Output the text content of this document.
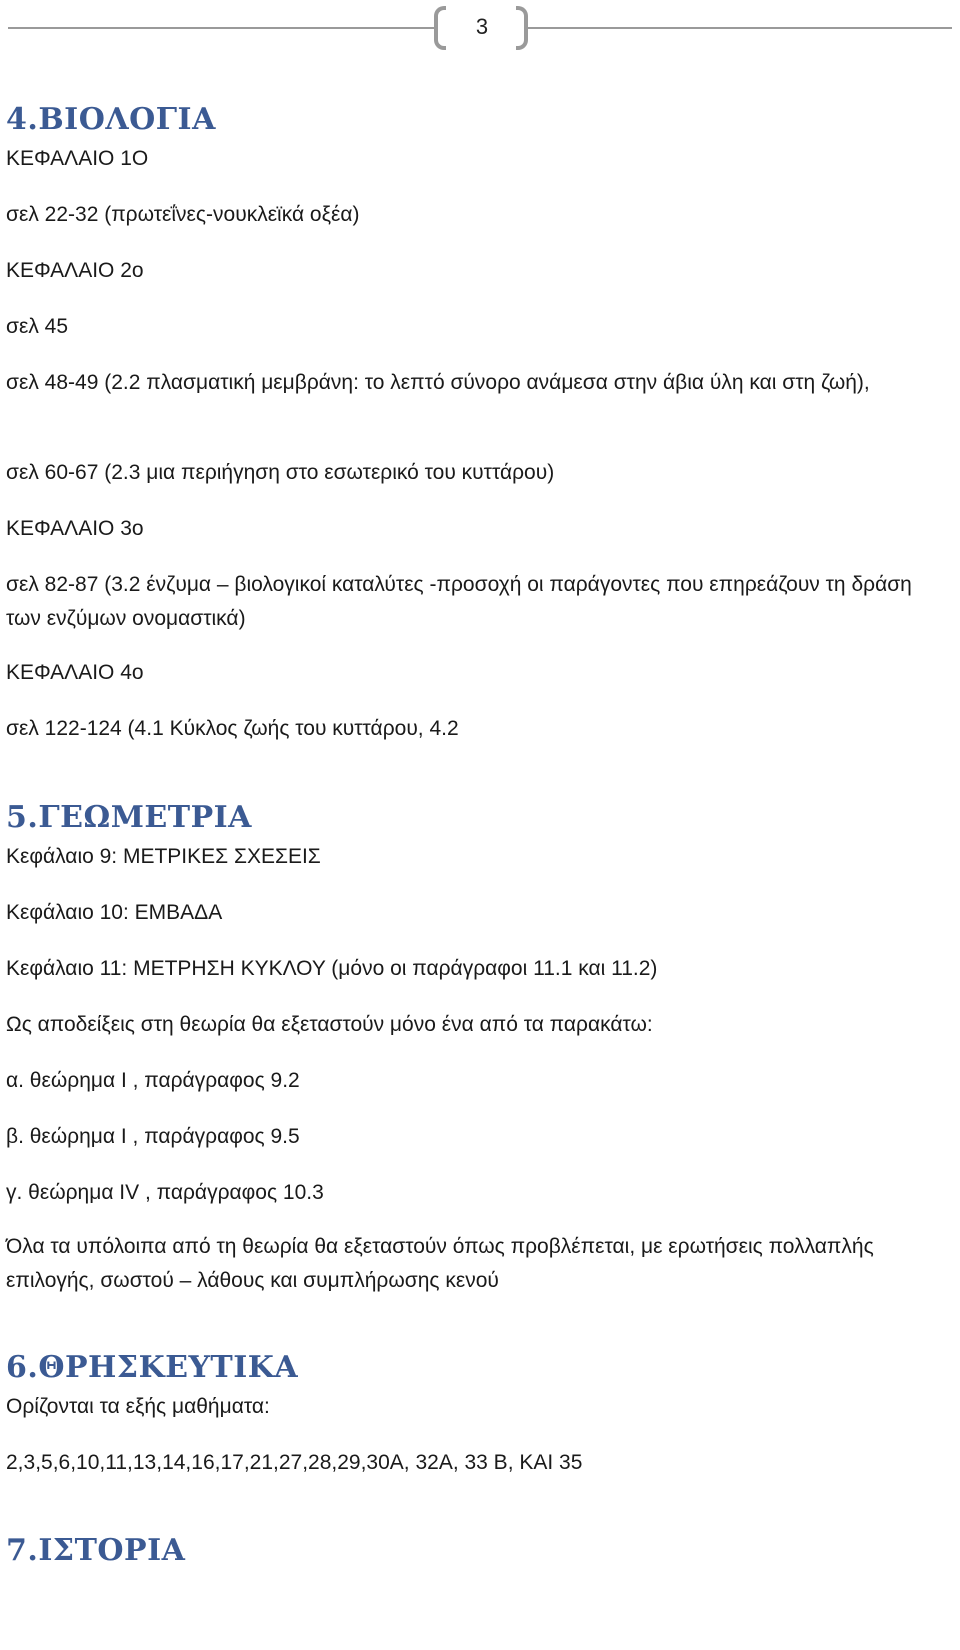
3
4.ΒΙΟΛΟΓΙΑ

ΚΕΦΑΛΑΙΟ 1Ο

σελ 22-32 (πρωτεΐνες-νουκλεϊκά οξέα)

ΚΕΦΑΛΑΙΟ 2ο

σελ 45

σελ 48-49 (2.2 πλασματική μεμβράνη: το λεπτό σύνορο ανάμεσα στην άβια ύλη και στη ζωή),

σελ 60-67 (2.3 μια περιήγηση στο εσωτερικό του κυττάρου)

ΚΕΦΑΛΑΙΟ 3ο

σελ 82-87 (3.2 ένζυμα – βιολογικοί καταλύτες -προσοχή οι παράγοντες που επηρεάζουν τη δράση των ενζύμων ονομαστικά)

ΚΕΦΑΛΑΙΟ 4ο

σελ 122-124 (4.1 Κύκλος ζωής του κυττάρου, 4.2

5.ΓΕΩΜΕΤΡΙΑ

Κεφάλαιο 9: ΜΕΤΡΙΚΕΣ ΣΧΕΣΕΙΣ

Κεφάλαιο 10: ΕΜΒΑΔΑ

Κεφάλαιο 11: ΜΕΤΡΗΣΗ ΚΥΚΛΟΥ (μόνο οι παράγραφοι 11.1 και 11.2)

Ως αποδείξεις στη θεωρία θα εξεταστούν μόνο ένα από τα παρακάτω:

α. θεώρημα I , παράγραφος 9.2

β. θεώρημα I , παράγραφος 9.5

γ. θεώρημα IV , παράγραφος 10.3

Όλα τα υπόλοιπα από τη θεωρία θα εξεταστούν όπως προβλέπεται, με ερωτήσεις πολλαπλής επιλογής, σωστού – λάθους και συμπλήρωσης κενού

6.ΘΡΗΣΚΕΥΤΙΚΑ

Ορίζονται τα εξής μαθήματα:

2,3,5,6,10,11,13,14,16,17,21,27,28,29,30Α, 32Α, 33 Β, ΚΑΙ 35

7.ΙΣΤΟΡΙΑ
